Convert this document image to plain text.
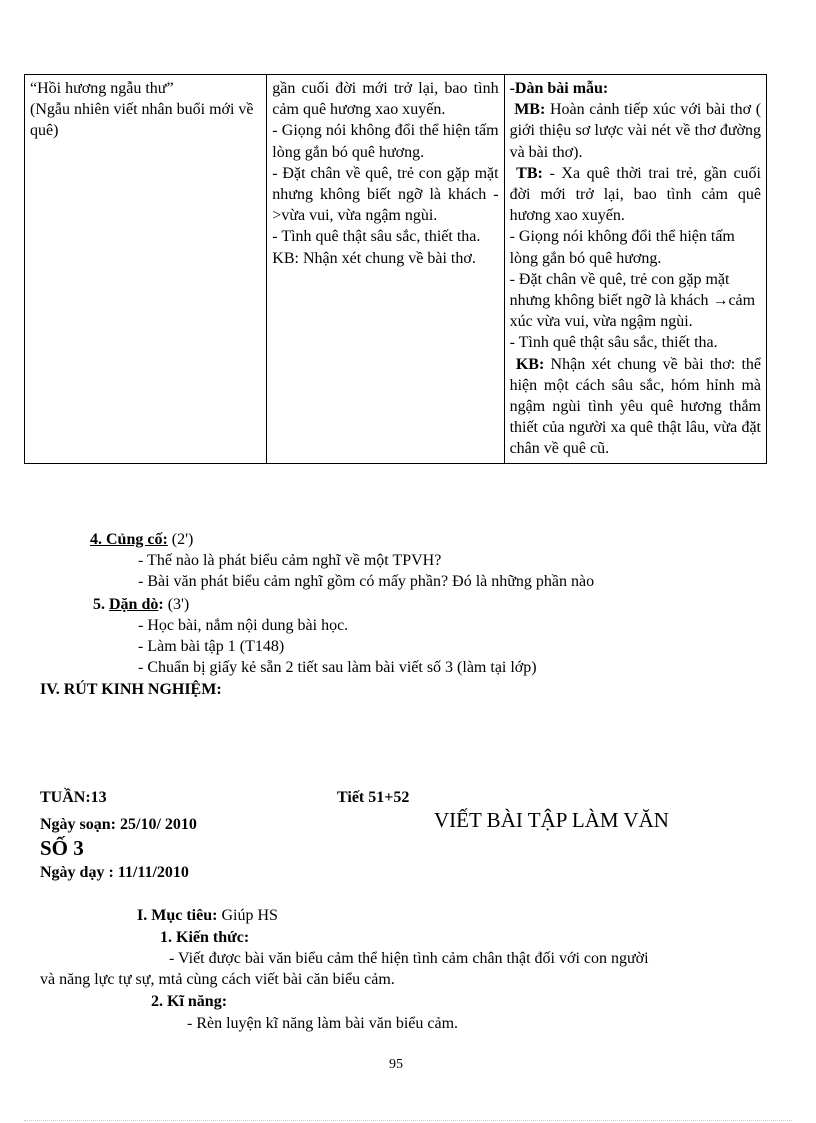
“Hồi hương ngẫu thư”
(Ngẫu nhiên viết nhân buổi mới về quê)

gần cuối đời mới trở lại, bao tình cảm quê hương xao xuyến.
- Giọng nói không đổi thể hiện tấm lòng gắn bó quê hương.
- Đặt chân về quê, trẻ con gặp mặt nhưng không biết ngỡ là khách ->vừa vui, vừa ngậm ngùi.
- Tình quê thật sâu sắc, thiết tha.
KB: Nhận xét chung về bài thơ.

-Dàn bài mẫu:
MB: Hoàn cảnh tiếp xúc với bài thơ ( giới thiệu sơ lược vài nét về thơ đường và bài thơ).
TB: - Xa quê thời trai trẻ, gần cuối đời mới trở lại, bao tình cảm quê hương xao xuyến.
- Giọng nói không đổi thể hiện tấm lòng gắn bó quê hương.
- Đặt chân về quê, trẻ con gặp mặt nhưng không biết ngỡ là khách →cảm xúc vừa vui, vừa ngậm ngùi.
- Tình quê thật sâu sắc, thiết tha.
KB: Nhận xét chung về bài thơ: thể hiện một cách sâu sắc, hóm hỉnh mà ngậm ngùi tình yêu quê hương thắm thiết của người xa quê thật lâu, vừa đặt chân về quê cũ.
4. Củng cố: (2')
- Thế nào là phát biểu cảm nghĩ về một TPVH?
- Bài văn phát biểu cảm nghĩ gồm có mấy phần? Đó là những phần nào
5. Dặn dò: (3')
- Học bài, nắm nội dung bài học.
- Làm bài tập 1 (T148)
- Chuẩn bị giấy kẻ sẵn 2 tiết sau làm bài viết số 3 (làm tại lớp)
IV. RÚT KINH NGHIỆM:
TUẦN:13	Tiết 51+52
Ngày soạn: 25/10/ 2010	VIẾT BÀI TẬP LÀM VĂN
SỐ 3
Ngày dạy : 11/11/2010
I. Mục tiêu: Giúp HS
1. Kiến thức:
- Viết được bài văn biểu cảm thể hiện tình cảm chân thật đối với con người
và năng lực tự sự, mtả cùng cách viết bài căn biểu cảm.
2. Kĩ năng:
- Rèn luyện kĩ năng làm bài văn biểu cảm.
95
